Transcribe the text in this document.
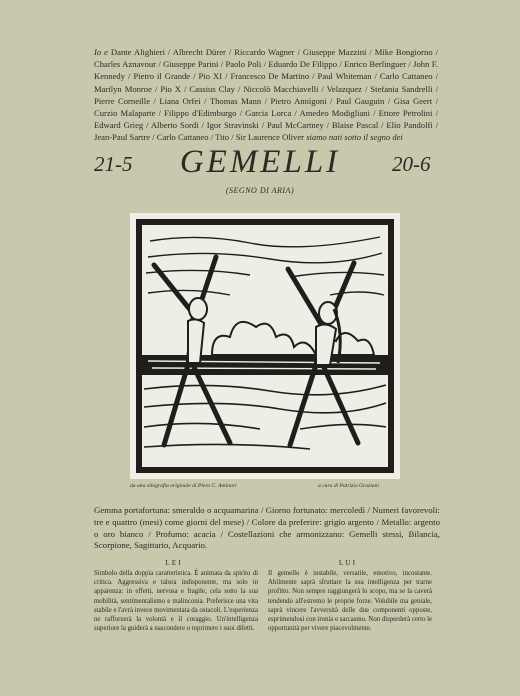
Io e Dante Alighieri / Albrecht Dürer / Riccardo Wagner / Giuseppe Mazzini / Mike Bongiorno / Charles Aznavour / Giuseppe Parini / Paolo Poli / Eduardo De Filippo / Enrico Berlinguer / John F. Kennedy / Pietro il Grande / Pio XI / Francesco De Martino / Paul Whiteman / Carlo Cattaneo / Marilyn Monroe / Pio X / Cassius Clay / Niccolò Macchiavelli / Velazquez / Stefania Sandrelli / Pierre Corneille / Liana Orfei / Thomas Mann / Pietro Annigoni / Paul Gauguin / Gisa Geert / Curzio Malaparte / Filippo d'Edimburgo / Garcia Lorca / Amedeo Modigliani / Ettore Petrolini / Edward Grieg / Alberto Sordi / Igor Stravinski / Paul McCartney / Blaise Pascal / Elio Pandolfi / Jean-Paul Sartre / Carlo Cattaneo / Tito / Sir Laurence Oliver siamo nati sotto il segno dei
21-5	GEMELLI	20-6
(SEGNO DI ARIA)
da una xilografia originale di Piero C. Antinori	a cura di Patrizio Graziani
Gemma portafortuna: smeraldo o acquamarina / Giorno fortunato: mercoledì / Numeri favorevoli: tre e quattro (mesi) come giorni del mese) / Colore da preferire: grigio argento / Metallo: argento o oro bianco / Profumo: acacia / Costellazioni che armonizzano: Gemelli stessi, Bilancia, Scorpione, Sagittario, Acquario.
LEI	LUI
Simbolo della doppia caratteristica. È animata da spirito di critica. Aggressiva e talora indisponente, ma solo in apparenza: in effetti, nervosa e fragile, cela sotto la sua mobilità, sentimentalismo e malinconia. Preferisce una vita stabile e l'avrà invece movimentata da ostacoli. L'esperienza ne rafforzerà la volontà e il coraggio. Un'intelligenza superiore la guiderà a nascondere o reprimere i suoi difetti.
Il gemello è instabile, versatile, emotivo, incostante. Abilmente saprà sfruttare la sua intelligenza per trarne profitto. Non sempre raggiungerà lo scopo, ma se la caverà tendendo all'estremo le proprie forze. Volubile ma geniale, saprà vincere l'avversità delle due componenti opposte, esprimendosi con ironia e sarcasmo. Non disperderà certo le opportunità per vivere piacevolmente.
